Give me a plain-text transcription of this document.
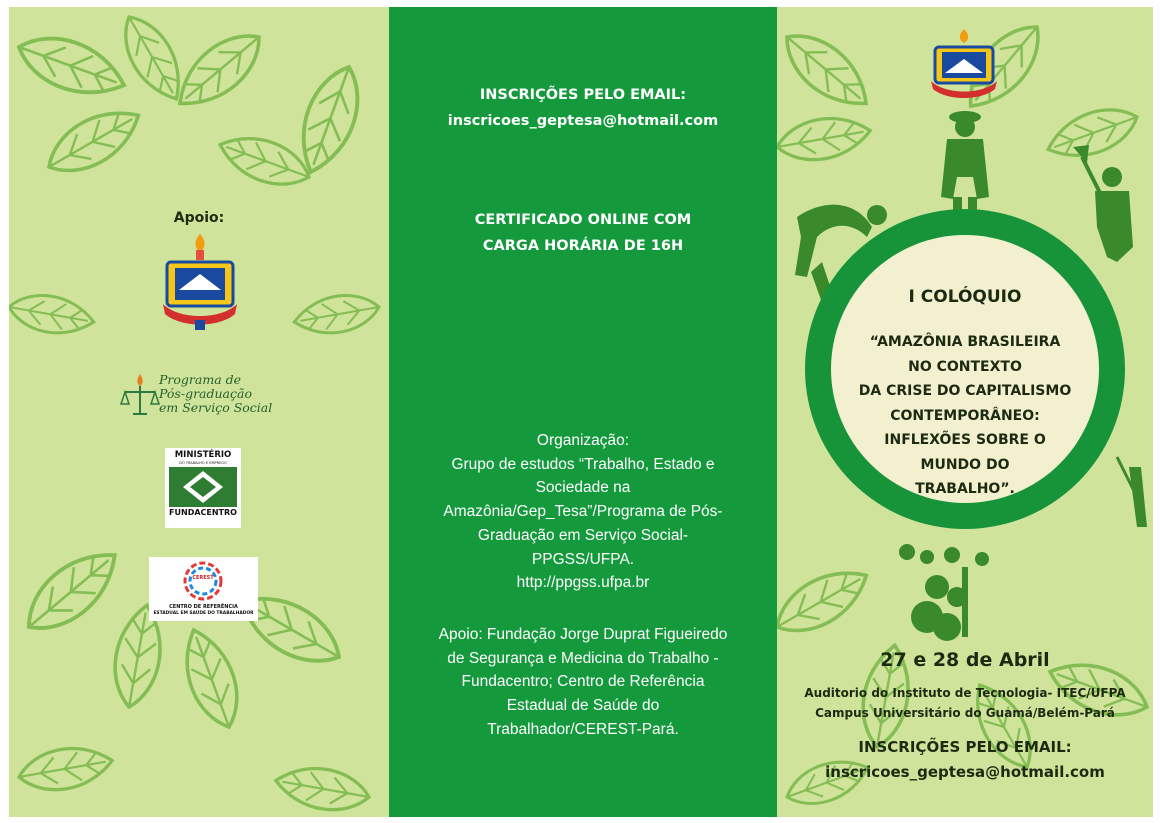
Apoio:
Programa de
Pós-graduação
em Serviço Social
MINISTÉRIO
DO TRABALHO E EMPREGO
FUNDACENTRO
CEREST
CENTRO DE REFERÊNCIA
ESTADUAL EM SAÚDE DO TRABALHADOR
INSCRIÇÕES PELO EMAIL:
inscricoes_geptesa@hotmail.com
CERTIFICADO ONLINE COM
CARGA HORÁRIA DE 16H
Organização:
Grupo de estudos “Trabalho, Estado e
Sociedade na
Amazônia/Gep_Tesa”/Programa de Pós-
Graduação em Serviço Social-
PPGSS/UFPA.
http://ppgss.ufpa.br
Apoio: Fundação Jorge Duprat Figueiredo
de Segurança e Medicina do Trabalho -
Fundacentro; Centro de Referência
Estadual de Saúde do
Trabalhador/CEREST-Pará.
I COLÓQUIO
“AMAZÔNIA BRASILEIRA
NO CONTEXTO
DA CRISE DO CAPITALISMO
CONTEMPORÂNEO:
INFLEXÕES SOBRE O
MUNDO DO
TRABALHO”.
27 e 28 de Abril
Auditorio do Instituto de Tecnologia- ITEC/UFPA
Campus Universitário do Guamá/Belém-Pará
INSCRIÇÕES PELO EMAIL:
inscricoes_geptesa@hotmail.com
